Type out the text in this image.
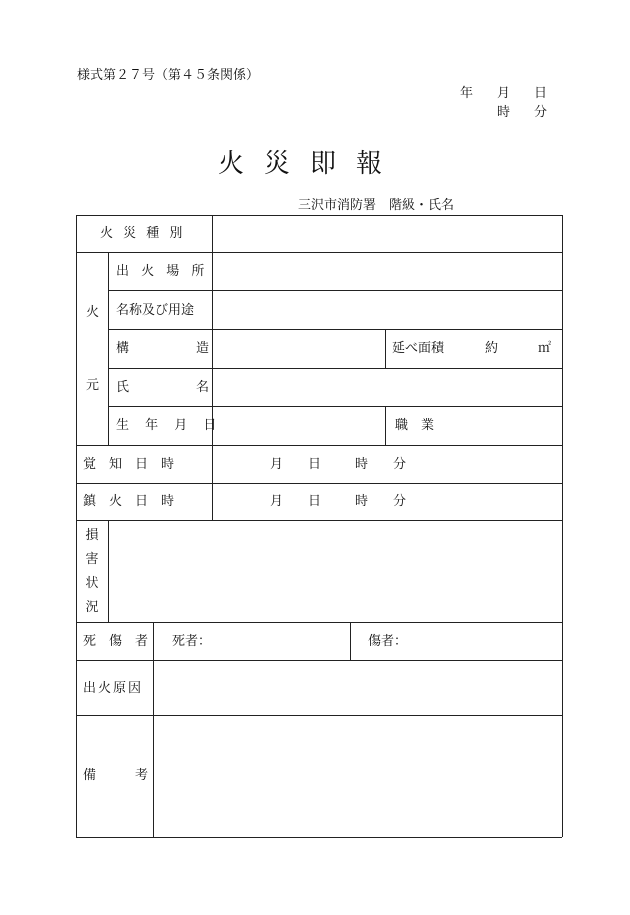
様式第２７号（第４５条関係）
年 月 日
時 分
火災即報
三沢市消防署　階級・氏名
火 災 種 別
火
元
出 火 場 所
名称及び用途
構	造	延べ面積	約	㎡
氏	名
生 年 月 日	職　業
覚　知　日　時	月 日	時 分
鎮　火　日　時	月 日	時 分
損
害
状
況
死　傷　者 死者：	傷者：
出火原因
備	考
